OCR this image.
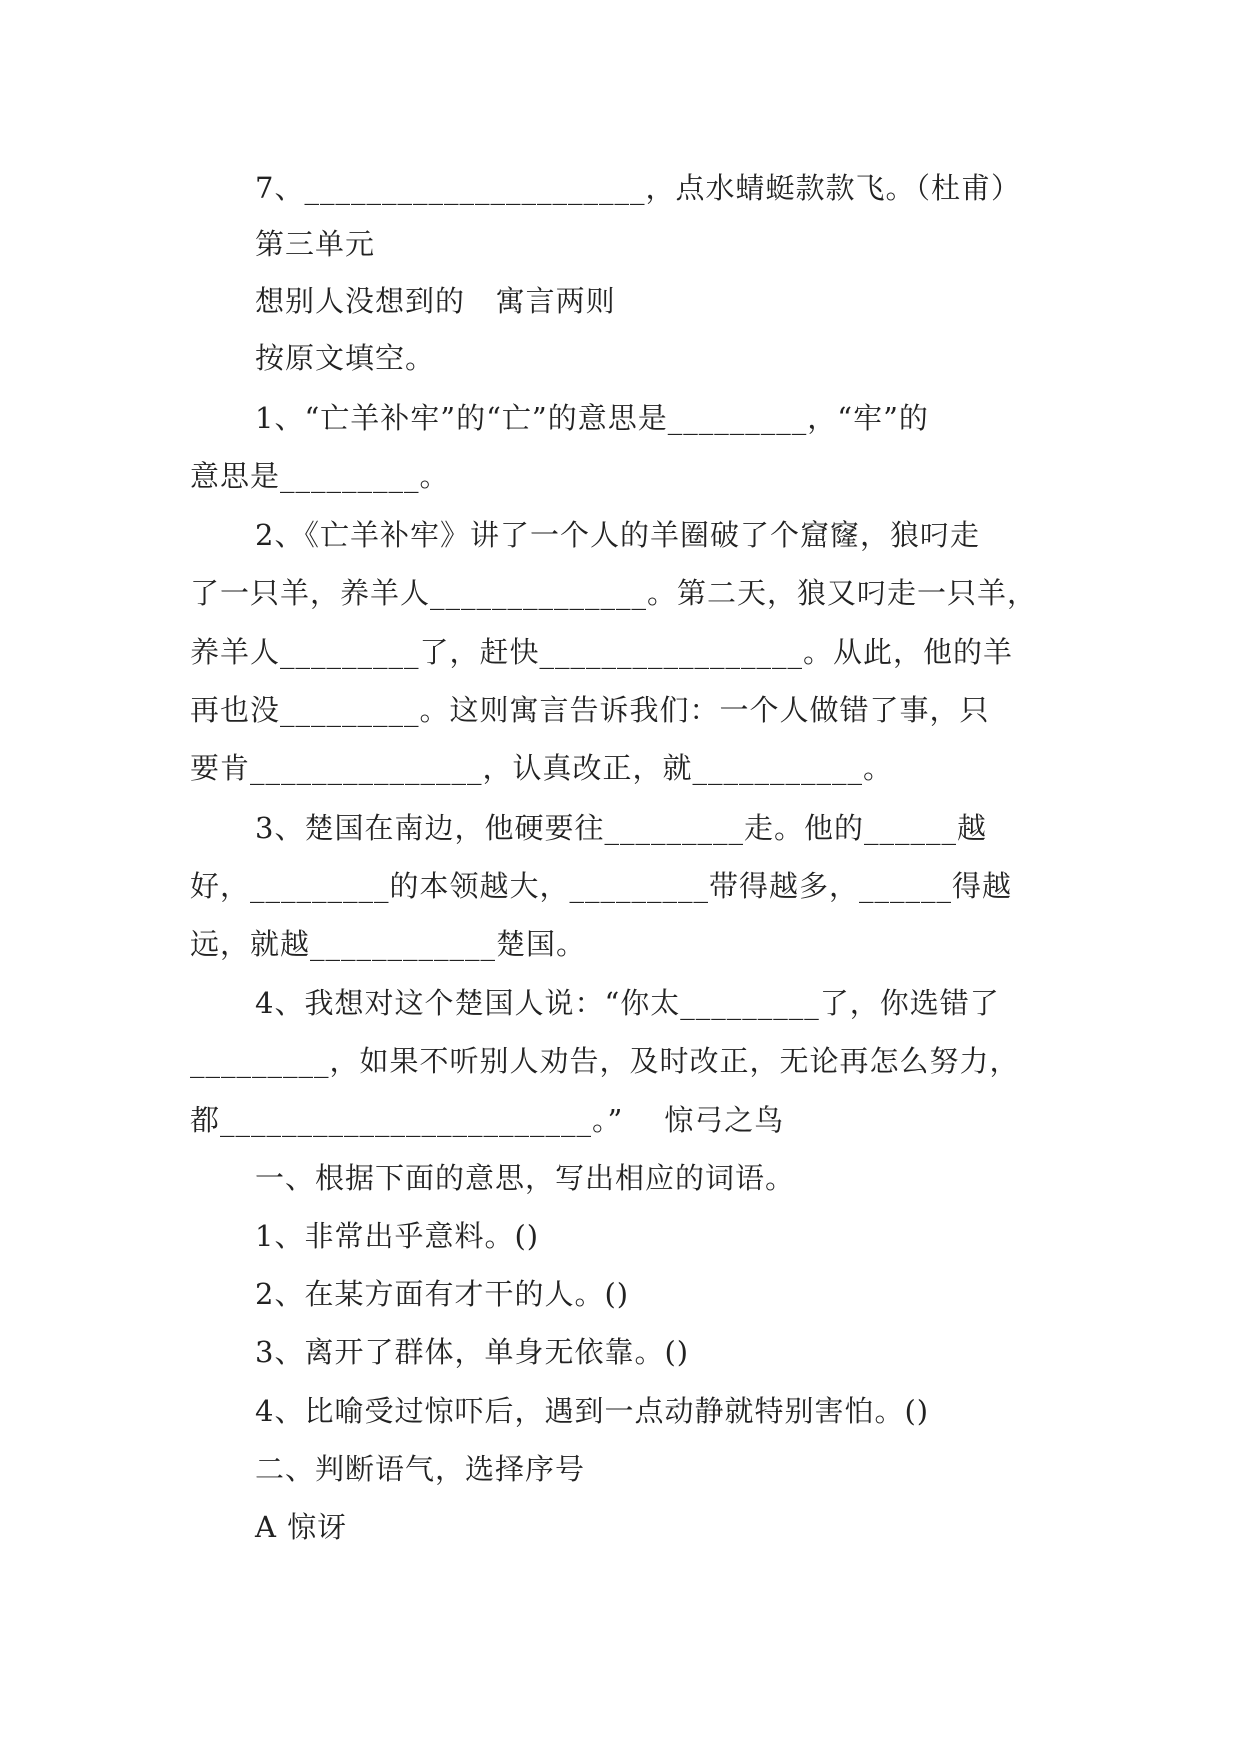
7、______________________，点水蜻蜓款款飞。（杜甫）
第三单元
想别人没想到的   寓言两则
按原文填空。
1、“亡羊补牢”的“亡”的意思是_________，“牢”的
意思是_________。
2、《亡羊补牢》讲了一个人的羊圈破了个窟窿，狼叼走
了一只羊，养羊人______________。第二天，狼又叼走一只羊，
养羊人_________了，赶快_________________。从此，他的羊
再也没_________。这则寓言告诉我们：一个人做错了事，只
要肯_______________，认真改正，就___________。
3、楚国在南边，他硬要往_________走。他的______越
好，_________的本领越大，_________带得越多，______得越
远，就越____________楚国。
4、我想对这个楚国人说：“你太_________了，你选错了
_________，如果不听别人劝告，及时改正，无论再怎么努力，
都________________________。”    惊弓之鸟
一、根据下面的意思，写出相应的词语。
1、非常出乎意料。()
2、在某方面有才干的人。()
3、离开了群体，单身无依靠。()
4、比喻受过惊吓后，遇到一点动静就特别害怕。()
二、判断语气，选择序号
A 惊讶
